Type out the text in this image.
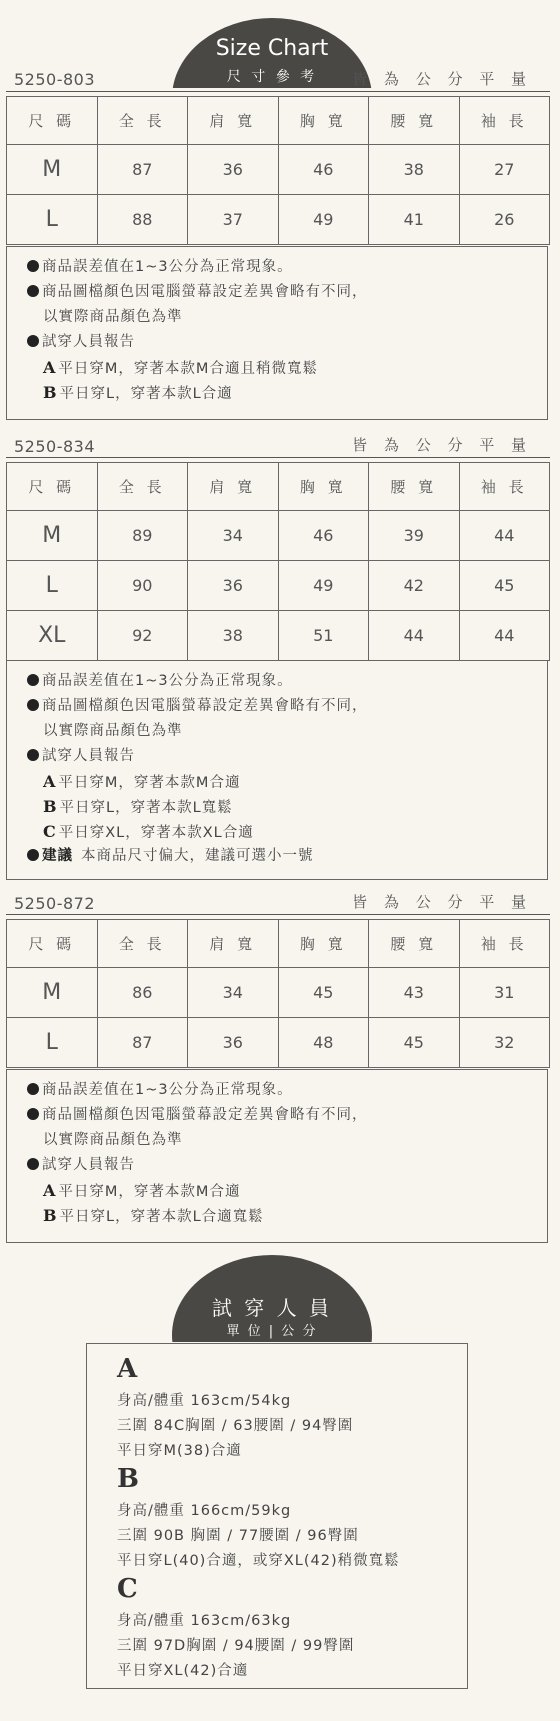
Size Chart
尺 寸 參 考
5250-803	皆 為 公 分 平 量
尺 碼	全 長	肩 寬	胸 寬	腰 寬	袖 長
M	87	36	46	38	27
L	88	37	49	41	26
商品誤差值在1~3公分為正常現象。
商品圖檔顏色因電腦螢幕設定差異會略有不同，
以實際商品顏色為準
試穿人員報告
A 平日穿M，穿著本款M合適且稍微寬鬆
B 平日穿L，穿著本款L合適
5250-834	皆 為 公 分 平 量
尺 碼	全 長	肩 寬	胸 寬	腰 寬	袖 長
M	89	34	46	39	44
L	90	36	49	42	45
XL	92	38	51	44	44
商品誤差值在1~3公分為正常現象。
商品圖檔顏色因電腦螢幕設定差異會略有不同，
以實際商品顏色為準
試穿人員報告
A 平日穿M，穿著本款M合適
B 平日穿L，穿著本款L寬鬆
C 平日穿XL，穿著本款XL合適
建議 本商品尺寸偏大，建議可選小一號
5250-872	皆 為 公 分 平 量
尺 碼	全 長	肩 寬	胸 寬	腰 寬	袖 長
M	86	34	45	43	31
L	87	36	48	45	32
商品誤差值在1~3公分為正常現象。
商品圖檔顏色因電腦螢幕設定差異會略有不同，
以實際商品顏色為準
試穿人員報告
A 平日穿M，穿著本款M合適
B 平日穿L，穿著本款L合適寬鬆
試 穿 人 員
單 位 | 公 分
A
身高/體重 163cm/54kg
三圍 84C胸圍 / 63腰圍 / 94臀圍
平日穿M(38)合適
B
身高/體重 166cm/59kg
三圍 90B 胸圍 / 77腰圍 / 96臀圍
平日穿L(40)合適，或穿XL(42)稍微寬鬆
C
身高/體重 163cm/63kg
三圍 97D胸圍 / 94腰圍 / 99臀圍
平日穿XL(42)合適
